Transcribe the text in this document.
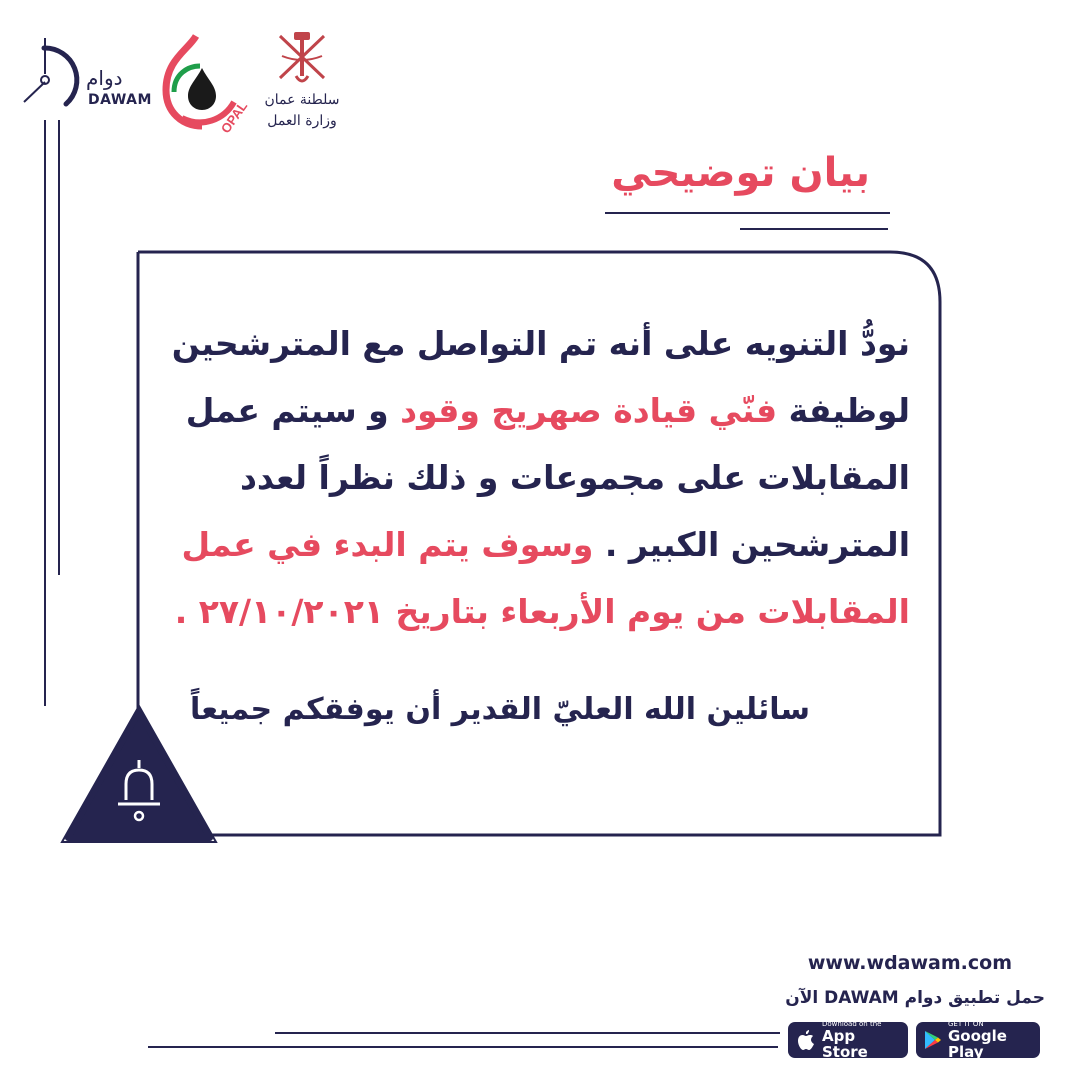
دوام
DAWAM	OPAL سلطنة عمان
وزارة العمل
بيان توضيحي
نودُّ التنويه على أنه تم التواصل مع المترشحين
لوظيفة فنّي قيادة صهريج وقود و سيتم عمل
المقابلات على مجموعات و ذلك نظراً لعدد
المترشحين الكبير . وسوف يتم البدء في عمل
المقابلات من يوم الأربعاء بتاريخ ٢٧/١٠/٢٠٢١ .
سائلين الله العليّ القدير أن يوفقكم جميعاً
www.wdawam.com
حمل تطبيق دوام DAWAM الآن
Download on the
App Store
GET IT ON
Google Play
